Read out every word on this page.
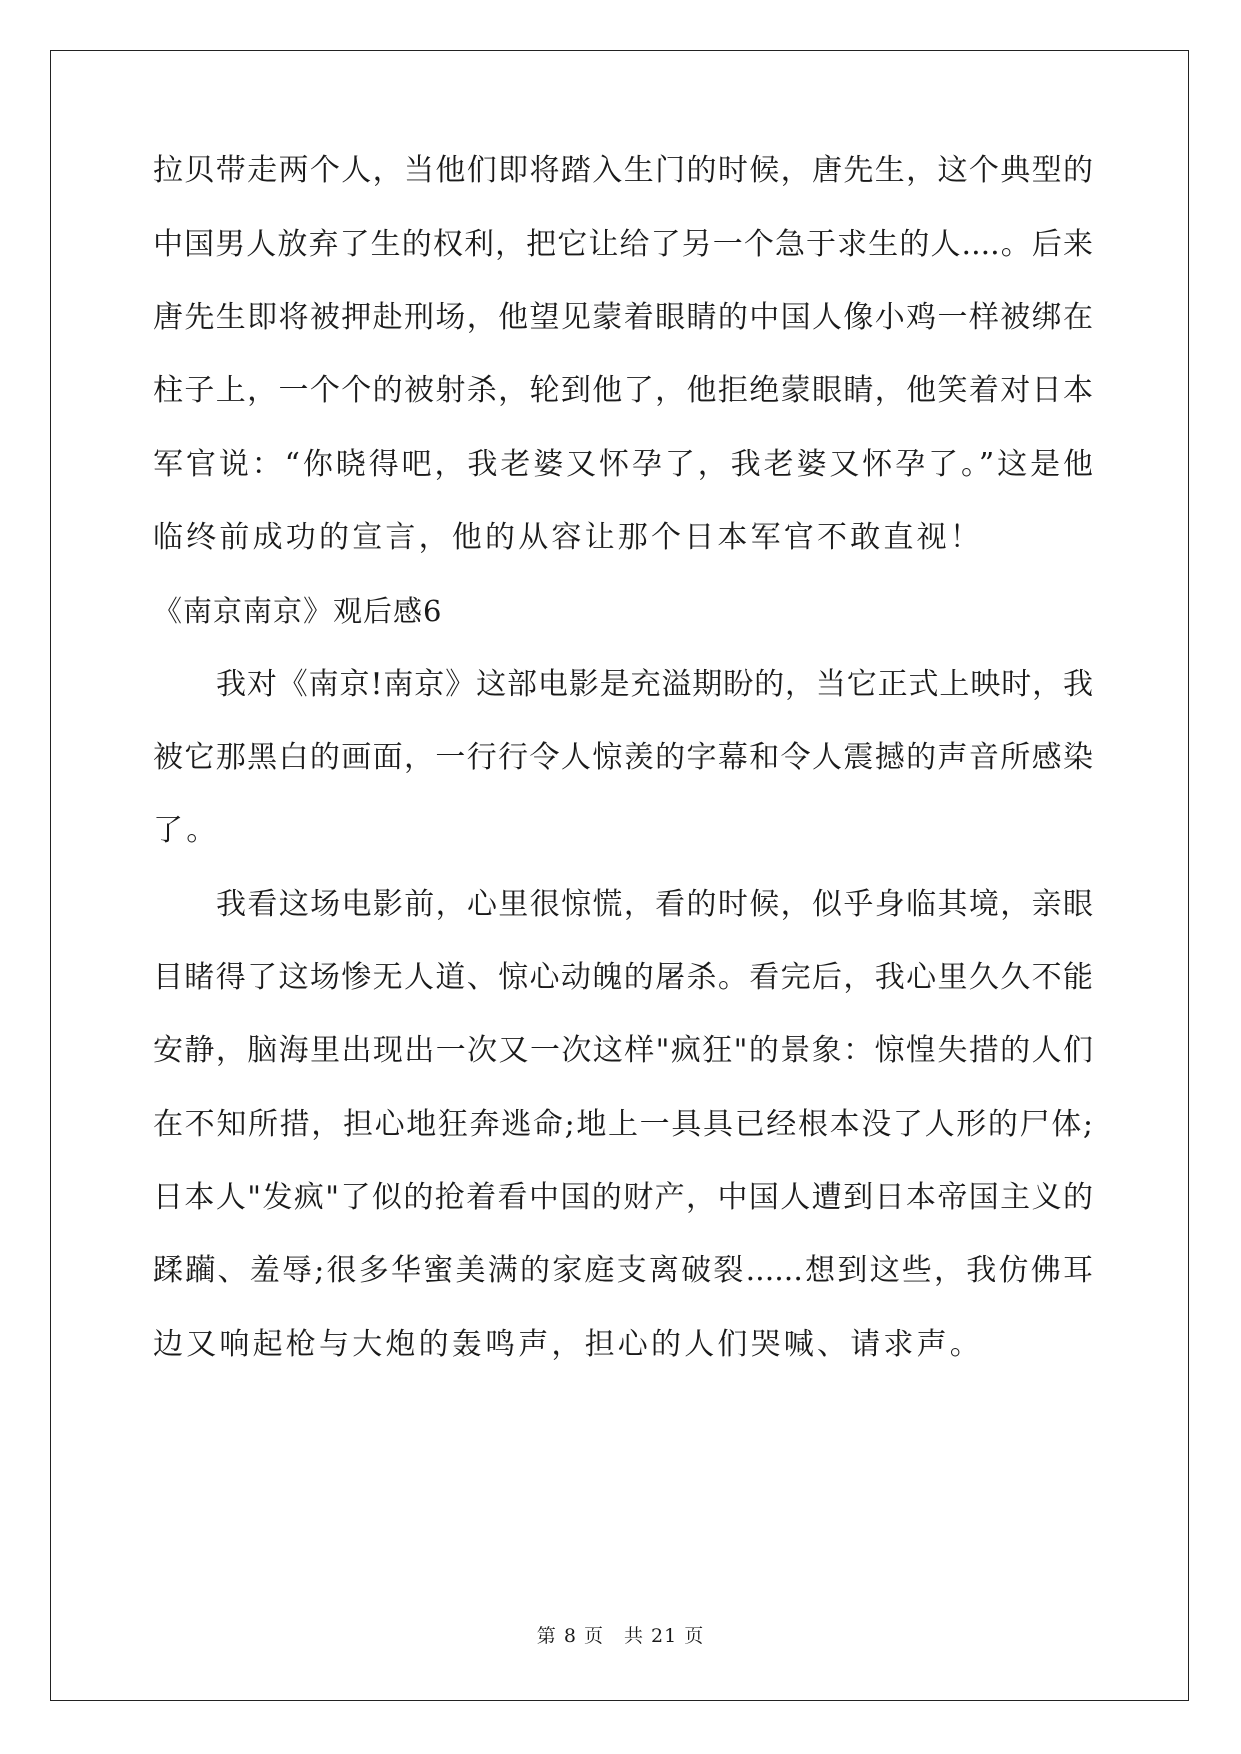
拉贝带走两个人，当他们即将踏入生门的时候，唐先生，这个典型的
中国男人放弃了生的权利，把它让给了另一个急于求生的人....。后来
唐先生即将被押赴刑场，他望见蒙着眼睛的中国人像小鸡一样被绑在
柱子上，一个个的被射杀，轮到他了，他拒绝蒙眼睛，他笑着对日本
军官说：“你晓得吧，我老婆又怀孕了，我老婆又怀孕了。”这是他
临终前成功的宣言，他的从容让那个日本军官不敢直视！
《南京南京》观后感6
我对《南京!南京》这部电影是充溢期盼的，当它正式上映时，我
被它那黑白的画面，一行行令人惊羡的字幕和令人震撼的声音所感染
了。
我看这场电影前，心里很惊慌，看的时候，似乎身临其境，亲眼
目睹得了这场惨无人道、惊心动魄的屠杀。看完后，我心里久久不能
安静，脑海里出现出一次又一次这样"疯狂"的景象：惊惶失措的人们
在不知所措，担心地狂奔逃命;地上一具具已经根本没了人形的尸体;
日本人"发疯"了似的抢着看中国的财产，中国人遭到日本帝国主义的
蹂躏、羞辱;很多华蜜美满的家庭支离破裂......想到这些，我仿佛耳
边又响起枪与大炮的轰鸣声，担心的人们哭喊、请求声。
第 8 页　共 21 页
